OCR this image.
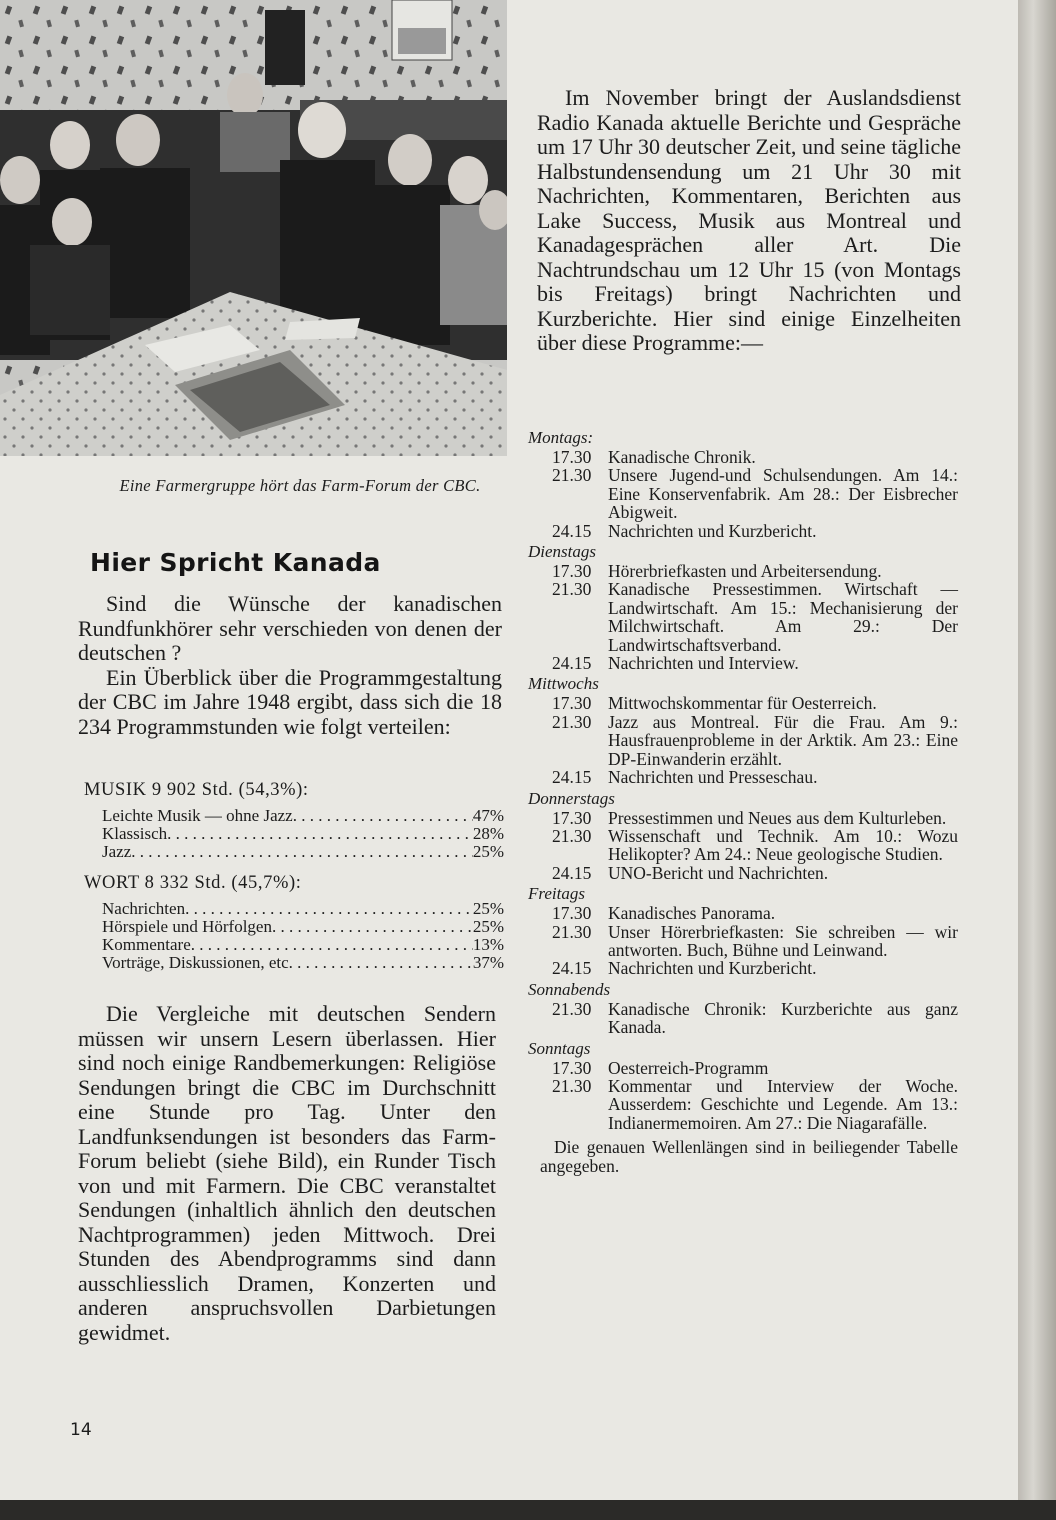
Eine Farmergruppe hört das Farm-Forum der CBC.
Hier Spricht Kanada

Sind die Wünsche der kanadischen Rundfunkhörer sehr verschieden von denen der deutschen ?

Ein Überblick über die Programmgestaltung der CBC im Jahre 1948 ergibt, dass sich die 18 234 Programmstunden wie folgt verteilen:

MUSIK 9 902 Std. (54,3%):

Leichte Musik — ohne Jazz . . .	47%
Klassisch . . .	28%
Jazz . . .	25%

WORT 8 332 Std. (45,7%):

Nachrichten . . .	25%
Hörspiele und Hörfolgen . . .	25%
Kommentare . . .	13%
Vorträge, Diskussionen, etc . . .	37%

Die Vergleiche mit deutschen Sendern müssen wir unsern Lesern überlassen. Hier sind noch einige Randbemerkungen: Religiöse Sendungen bringt die CBC im Durchschnitt eine Stunde pro Tag. Unter den Landfunksendungen ist besonders das Farm-Forum beliebt (siehe Bild), ein Runder Tisch von und mit Farmern. Die CBC veranstaltet Sendungen (inhaltlich ähnlich den deutschen Nachtprogrammen) jeden Mittwoch. Drei Stunden des Abendprogramms sind dann ausschliesslich Dramen, Konzerten und anderen anspruchsvollen Darbietungen gewidmet.

14

Im November bringt der Auslandsdienst Radio Kanada aktuelle Berichte und Gespräche um 17 Uhr 30 deutscher Zeit, und seine tägliche Halbstundensendung um 21 Uhr 30 mit Nachrichten, Kommentaren, Berichten aus Lake Success, Musik aus Montreal und Kanadagesprächen aller Art. Die Nachtrundschau um 12 Uhr 15 (von Montags bis Freitags) bringt Nachrichten und Kurzberichte. Hier sind einige Einzelheiten über diese Programme:—

Montags:

17.30 Kanadische Chronik.
21.30 Unsere Jugend-und Schulsendungen. Am 14.: Eine Konservenfabrik. Am 28.: Der Eisbrecher Abigweit.
24.15 Nachrichten und Kurzbericht.

Dienstags

17.30 Hörerbriefkasten und Arbeitersendung.
21.30 Kanadische Pressestimmen. Wirtschaft — Landwirtschaft. Am 15.: Mechanisierung der Milchwirtschaft. Am 29.: Der Landwirtschaftsverband.
24.15 Nachrichten und Interview.

Mittwochs

17.30 Mittwochskommentar für Oesterreich.
21.30 Jazz aus Montreal. Für die Frau. Am 9.: Hausfrauenprobleme in der Arktik. Am 23.: Eine DP-Einwanderin erzählt.
24.15 Nachrichten und Presseschau.

Donnerstags

17.30 Pressestimmen und Neues aus dem Kulturleben.
21.30 Wissenschaft und Technik. Am 10.: Wozu Helikopter? Am 24.: Neue geologische Studien.
24.15 UNO-Bericht und Nachrichten.

Freitags

17.30 Kanadisches Panorama.
21.30 Unser Hörerbriefkasten: Sie schreiben — wir antworten. Buch, Bühne und Leinwand.
24.15 Nachrichten und Kurzbericht.

Sonnabends

21.30 Kanadische Chronik: Kurzberichte aus ganz Kanada.

Sonntags

17.30 Oesterreich-Programm
21.30 Kommentar und Interview der Woche. Ausserdem: Geschichte und Legende. Am 13.: Indianermemoiren. Am 27.: Die Niagarafälle.

Die genauen Wellenlängen sind in beiliegender Tabelle angegeben.
